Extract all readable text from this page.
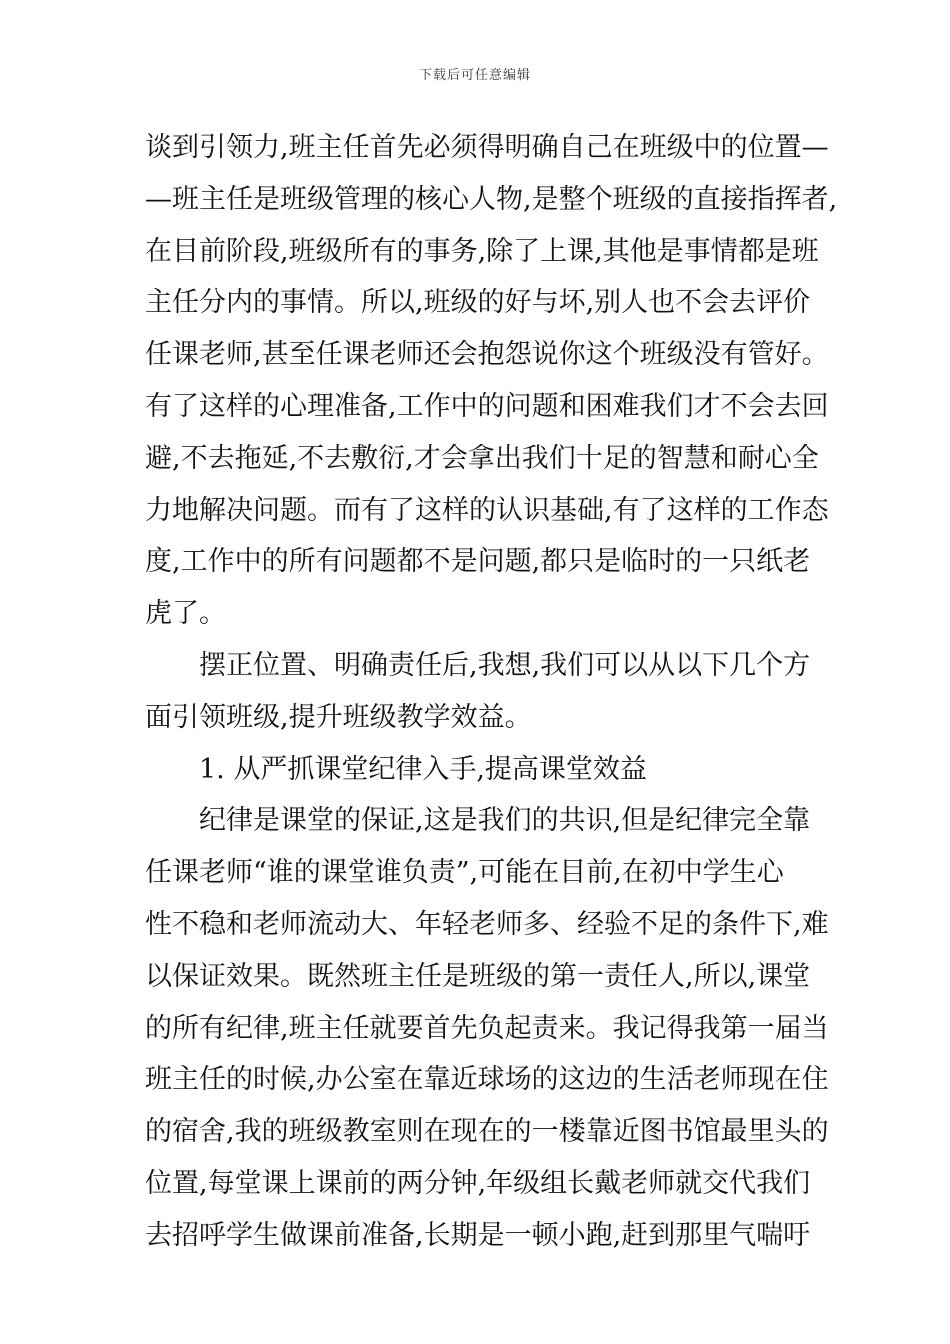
下载后可任意编辑
谈到引领力,班主任首先必须得明确自己在班级中的位置—
—班主任是班级管理的核心人物,是整个班级的直接指挥者,
在目前阶段,班级所有的事务,除了上课,其他是事情都是班
主任分内的事情。所以,班级的好与坏,别人也不会去评价
任课老师,甚至任课老师还会抱怨说你这个班级没有管好。
有了这样的心理准备,工作中的问题和困难我们才不会去回
避,不去拖延,不去敷衍,才会拿出我们十足的智慧和耐心全
力地解决问题。而有了这样的认识基础,有了这样的工作态
度,工作中的所有问题都不是问题,都只是临时的一只纸老
虎了。
　　摆正位置、明确责任后,我想,我们可以从以下几个方
面引领班级,提升班级教学效益。
　　1. 从严抓课堂纪律入手,提高课堂效益
　　纪律是课堂的保证,这是我们的共识,但是纪律完全靠
任课老师“谁的课堂谁负责”,可能在目前,在初中学生心
性不稳和老师流动大、年轻老师多、经验不足的条件下,难
以保证效果。既然班主任是班级的第一责任人,所以,课堂
的所有纪律,班主任就要首先负起责来。我记得我第一届当
班主任的时候,办公室在靠近球场的这边的生活老师现在住
的宿舍,我的班级教室则在现在的一楼靠近图书馆最里头的
位置,每堂课上课前的两分钟,年级组长戴老师就交代我们
去招呼学生做课前准备,长期是一顿小跑,赶到那里气喘吁
